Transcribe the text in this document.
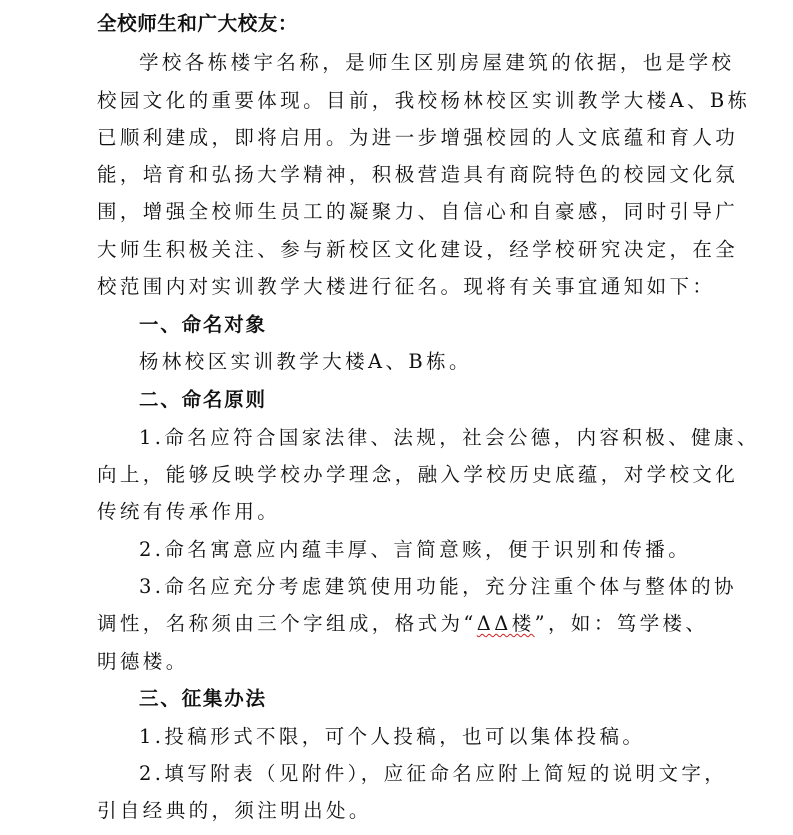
全校师生和广大校友：
学校各栋楼宇名称，是师生区别房屋建筑的依据，也是学校
校园文化的重要体现。目前，我校杨林校区实训教学大楼A、B栋
已顺利建成，即将启用。为进一步增强校园的人文底蕴和育人功
能，培育和弘扬大学精神，积极营造具有商院特色的校园文化氛
围，增强全校师生员工的凝聚力、自信心和自豪感，同时引导广
大师生积极关注、参与新校区文化建设，经学校研究决定，在全
校范围内对实训教学大楼进行征名。现将有关事宜通知如下：
一、命名对象
杨林校区实训教学大楼A、B栋。
二、命名原则
1.命名应符合国家法律、法规，社会公德，内容积极、健康、
向上，能够反映学校办学理念，融入学校历史底蕴，对学校文化
传统有传承作用。
2.命名寓意应内蕴丰厚、言简意赅，便于识别和传播。
3.命名应充分考虑建筑使用功能，充分注重个体与整体的协
调性，名称须由三个字组成，格式为“ΔΔ楼”，如：笃学楼、
明德楼。
三、征集办法
1.投稿形式不限，可个人投稿，也可以集体投稿。
2.填写附表（见附件），应征命名应附上简短的说明文字，
引自经典的，须注明出处。
